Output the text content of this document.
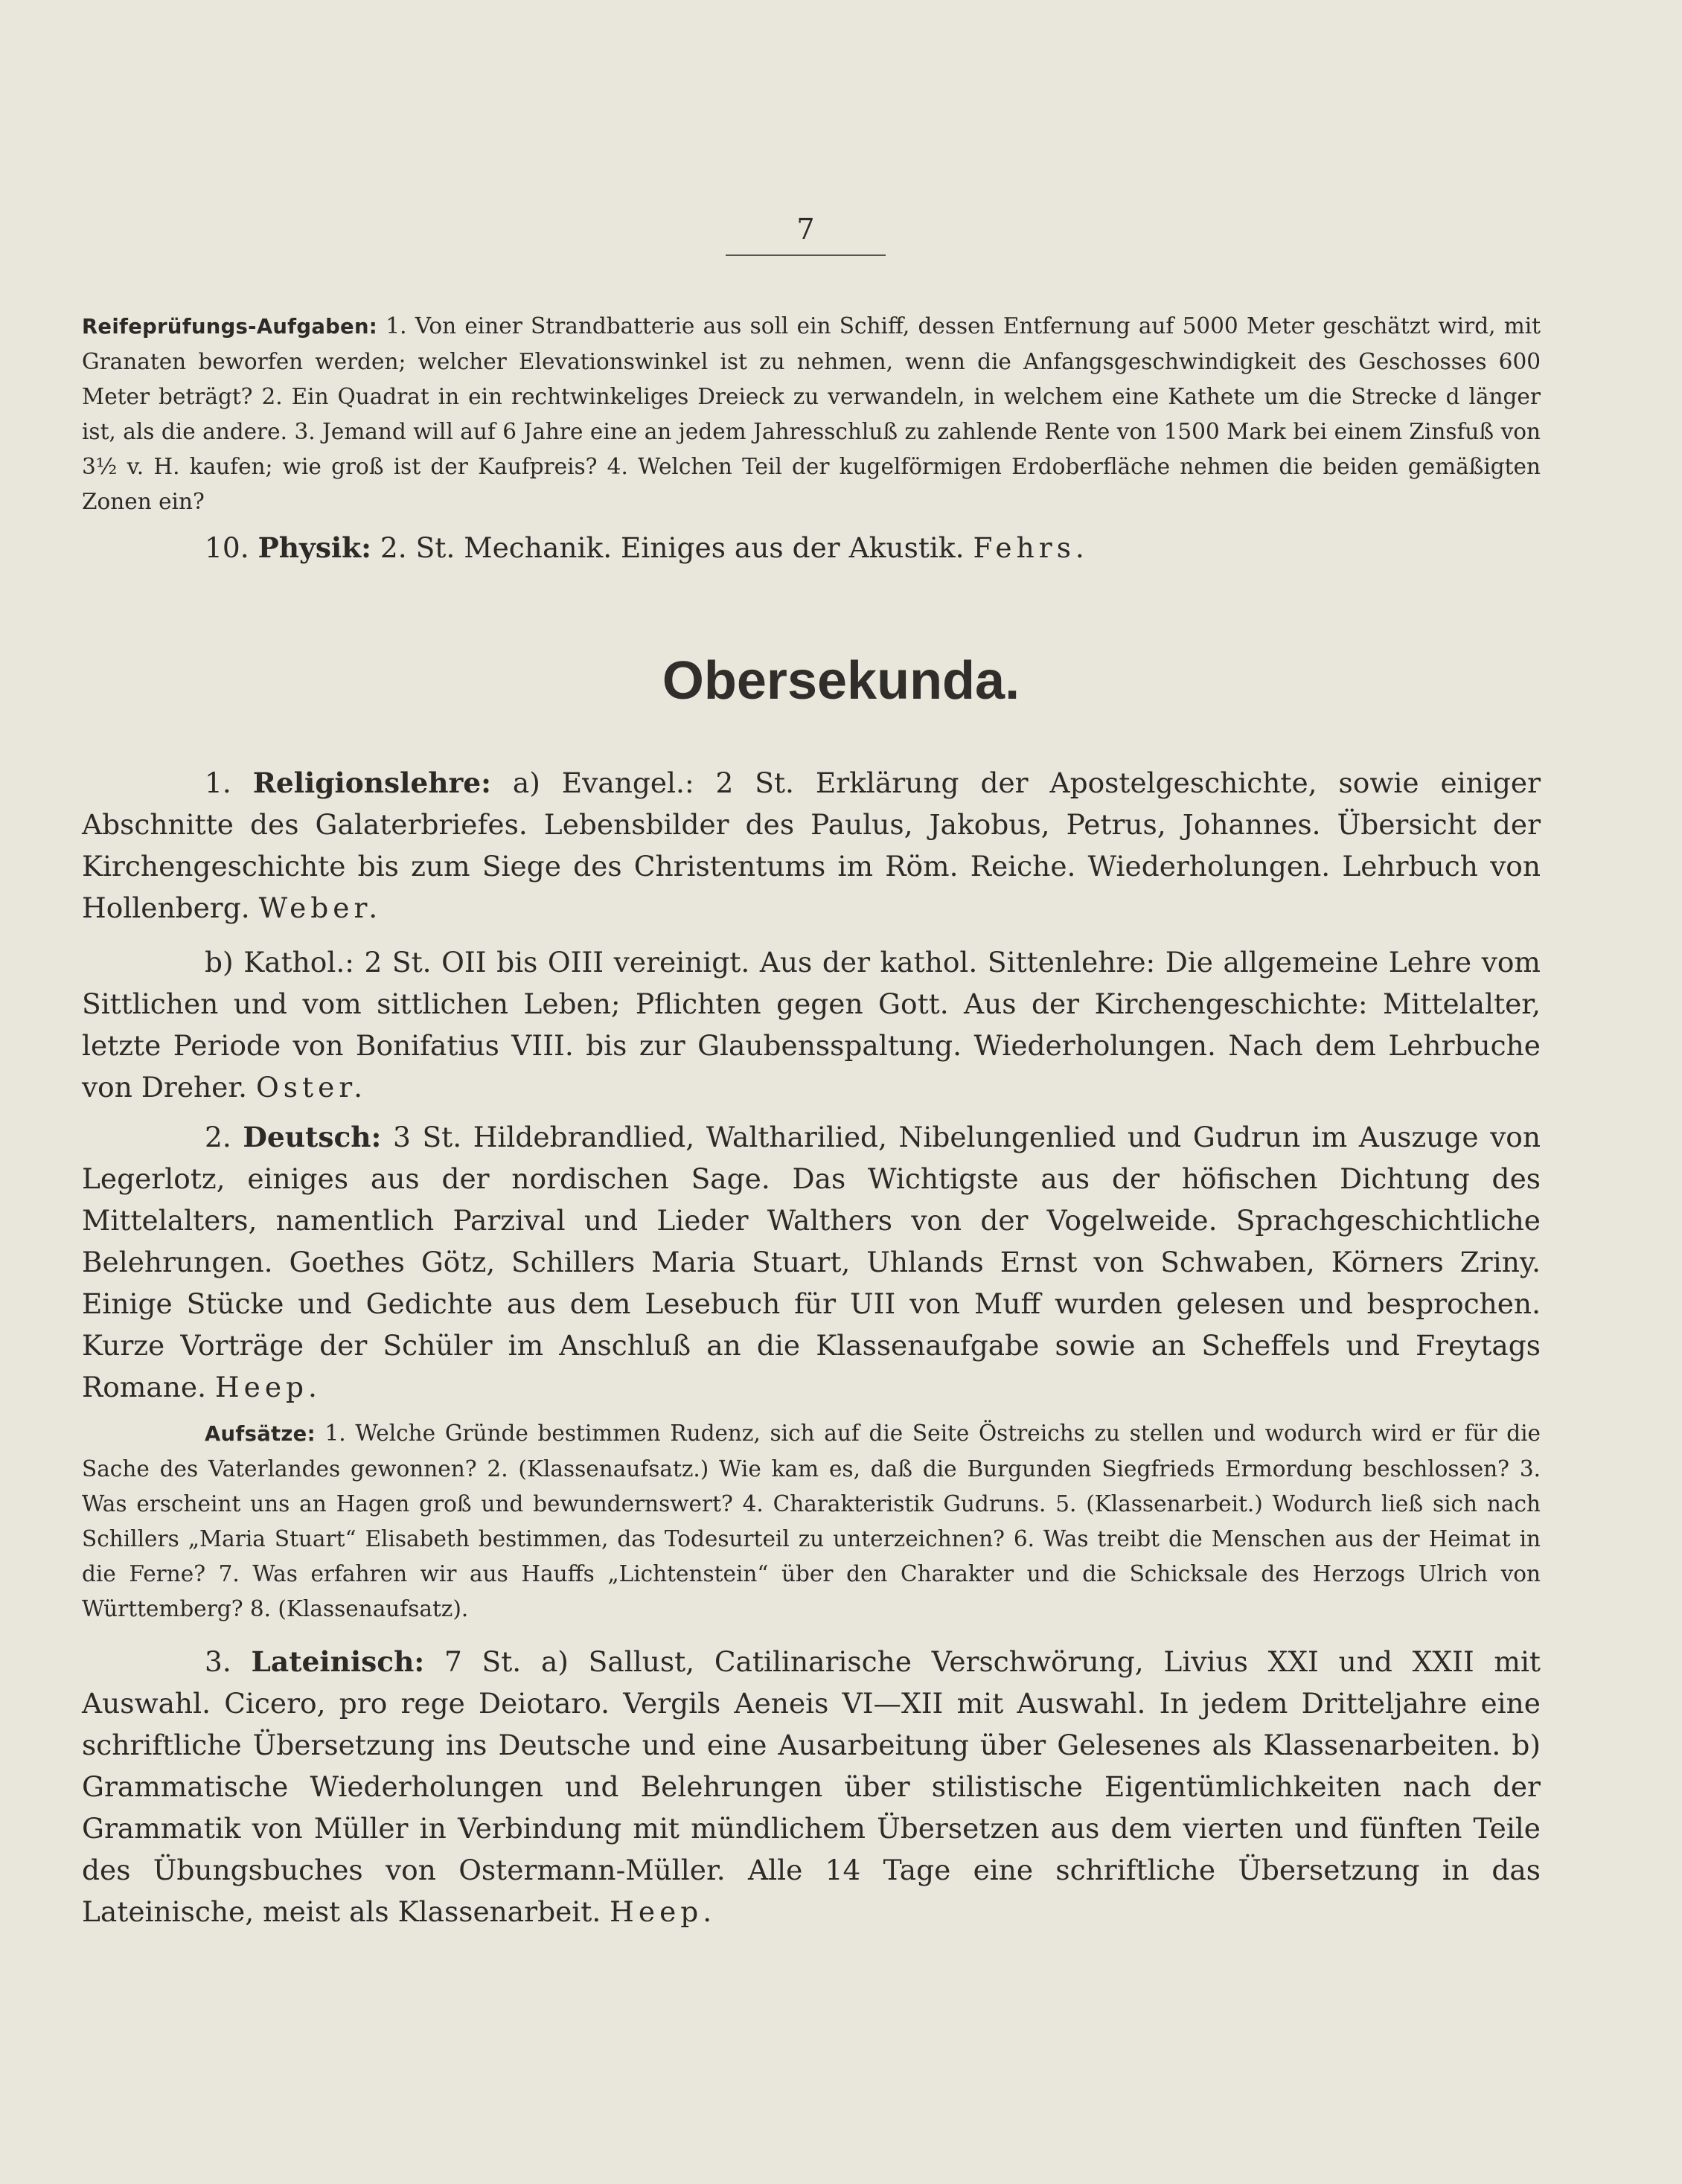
7

Reifeprüfungs-Aufgaben: 1. Von einer Strandbatterie aus soll ein Schiff, dessen Entfernung auf 5000 Meter geschätzt wird, mit Granaten beworfen werden; welcher Elevationswinkel ist zu nehmen, wenn die Anfangsgeschwindigkeit des Geschosses 600 Meter beträgt? 2. Ein Quadrat in ein rechtwinkeliges Dreieck zu verwandeln, in welchem eine Kathete um die Strecke d länger ist, als die andere. 3. Jemand will auf 6 Jahre eine an jedem Jahresschluß zu zahlende Rente von 1500 Mark bei einem Zinsfuß von 3½ v. H. kaufen; wie groß ist der Kaufpreis? 4. Welchen Teil der kugelförmigen Erdoberfläche nehmen die beiden gemäßigten Zonen ein?

10. Physik: 2. St. Mechanik. Einiges aus der Akustik. Fehrs.

Obersekunda.

1. Religionslehre: a) Evangel.: 2 St. Erklärung der Apostelgeschichte, sowie einiger Abschnitte des Galaterbriefes. Lebensbilder des Paulus, Jakobus, Petrus, Johannes. Übersicht der Kirchengeschichte bis zum Siege des Christentums im Röm. Reiche. Wiederholungen. Lehrbuch von Hollenberg. Weber.

b) Kathol.: 2 St. OII bis OIII vereinigt. Aus der kathol. Sittenlehre: Die allgemeine Lehre vom Sittlichen und vom sittlichen Leben; Pflichten gegen Gott. Aus der Kirchengeschichte: Mittelalter, letzte Periode von Bonifatius VIII. bis zur Glaubensspaltung. Wiederholungen. Nach dem Lehrbuche von Dreher. Oster.

2. Deutsch: 3 St. Hildebrandlied, Waltharilied, Nibelungenlied und Gudrun im Auszuge von Legerlotz, einiges aus der nordischen Sage. Das Wichtigste aus der höfischen Dichtung des Mittelalters, namentlich Parzival und Lieder Walthers von der Vogelweide. Sprachgeschichtliche Belehrungen. Goethes Götz, Schillers Maria Stuart, Uhlands Ernst von Schwaben, Körners Zriny. Einige Stücke und Gedichte aus dem Lesebuch für UII von Muff wurden gelesen und besprochen. Kurze Vorträge der Schüler im Anschluß an die Klassenaufgabe sowie an Scheffels und Freytags Romane. Heep.

Aufsätze: 1. Welche Gründe bestimmen Rudenz, sich auf die Seite Östreichs zu stellen und wodurch wird er für die Sache des Vaterlandes gewonnen? 2. (Klassenaufsatz.) Wie kam es, daß die Burgunden Siegfrieds Ermordung beschlossen? 3. Was erscheint uns an Hagen groß und bewundernswert? 4. Charakteristik Gudruns. 5. (Klassenarbeit.) Wodurch ließ sich nach Schillers „Maria Stuart“ Elisabeth bestimmen, das Todesurteil zu unterzeichnen? 6. Was treibt die Menschen aus der Heimat in die Ferne? 7. Was erfahren wir aus Hauffs „Lichtenstein“ über den Charakter und die Schicksale des Herzogs Ulrich von Württemberg? 8. (Klassenaufsatz).

3. Lateinisch: 7 St. a) Sallust, Catilinarische Verschwörung, Livius XXI und XXII mit Auswahl. Cicero, pro rege Deiotaro. Vergils Aeneis VI—XII mit Auswahl. In jedem Dritteljahre eine schriftliche Übersetzung ins Deutsche und eine Ausarbeitung über Gelesenes als Klassenarbeiten. b) Grammatische Wiederholungen und Belehrungen über stilistische Eigentümlichkeiten nach der Grammatik von Müller in Verbindung mit mündlichem Übersetzen aus dem vierten und fünften Teile des Übungsbuches von Ostermann-Müller. Alle 14 Tage eine schriftliche Übersetzung in das Lateinische, meist als Klassenarbeit. Heep.
